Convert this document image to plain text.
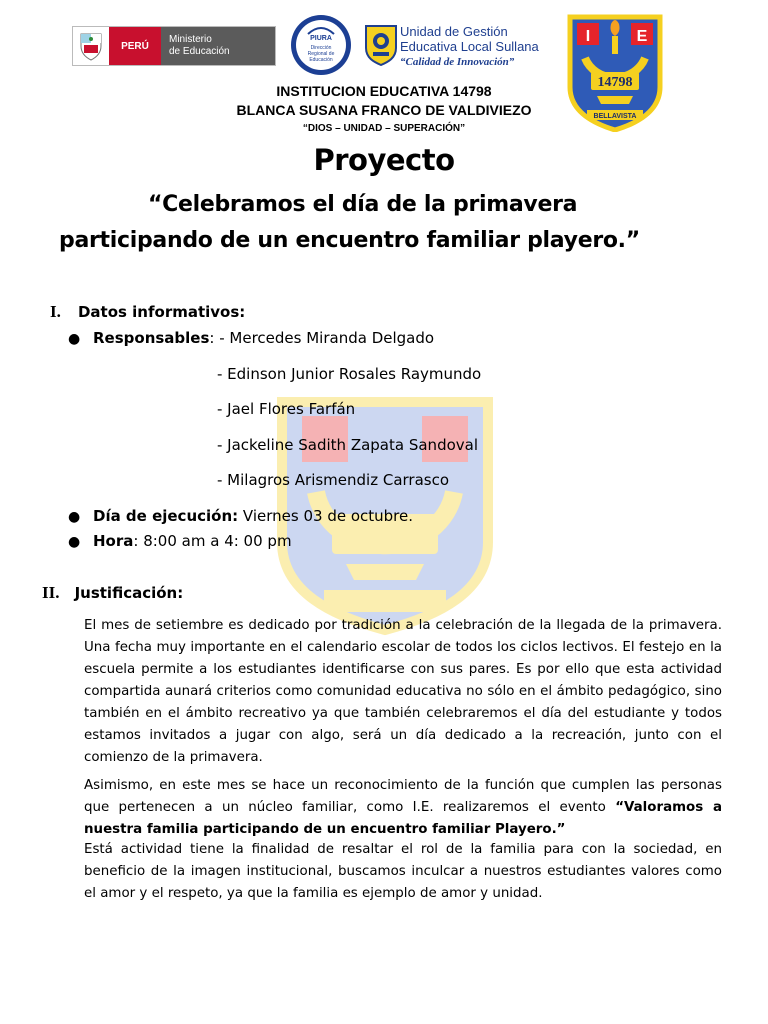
PERÚ
Ministerio
de Educación
PIURA
Dirección
Regional de
Educación
Unidad de Gestión
Educativa Local Sullana
“Calidad de Innovación”
I	E
14798
BELLAVISTA
INSTITUCION EDUCATIVA 14798
BLANCA SUSANA FRANCO DE VALDIVIEZO
“DIOS – UNIDAD – SUPERACIÓN”
Proyecto
“Celebramos el día de la primavera
participando de un encuentro familiar playero.”
I. Datos informativos:
● Responsables: - Mercedes Miranda Delgado
- Edinson Junior Rosales Raymundo
- Jael Flores Farfán
- Jackeline Sadith Zapata Sandoval
- Milagros Arismendiz Carrasco
● Día de ejecución: Viernes 03 de octubre.
● Hora: 8:00 am a 4: 00 pm
II. Justificación:
El mes de setiembre es dedicado por tradición a la celebración de la llegada de la primavera. Una fecha muy importante en el calendario escolar de todos los ciclos lectivos. El festejo en la escuela permite a los estudiantes identificarse con sus pares. Es por ello que esta actividad compartida aunará criterios como comunidad educativa no sólo en el ámbito pedagógico, sino también en el ámbito recreativo ya que también celebraremos el día del estudiante y todos estamos invitados a jugar con algo, será un día dedicado a la recreación, junto con el comienzo de la primavera.
Asimismo, en este mes se hace un reconocimiento de la función que cumplen las personas que pertenecen a un núcleo familiar, como I.E. realizaremos el evento “Valoramos a nuestra familia participando de un encuentro familiar Playero.”
Está actividad tiene la finalidad de resaltar el rol de la familia para con la sociedad, en beneficio de la imagen institucional, buscamos inculcar a nuestros estudiantes valores como el amor y el respeto, ya que la familia es ejemplo de amor y unidad.
